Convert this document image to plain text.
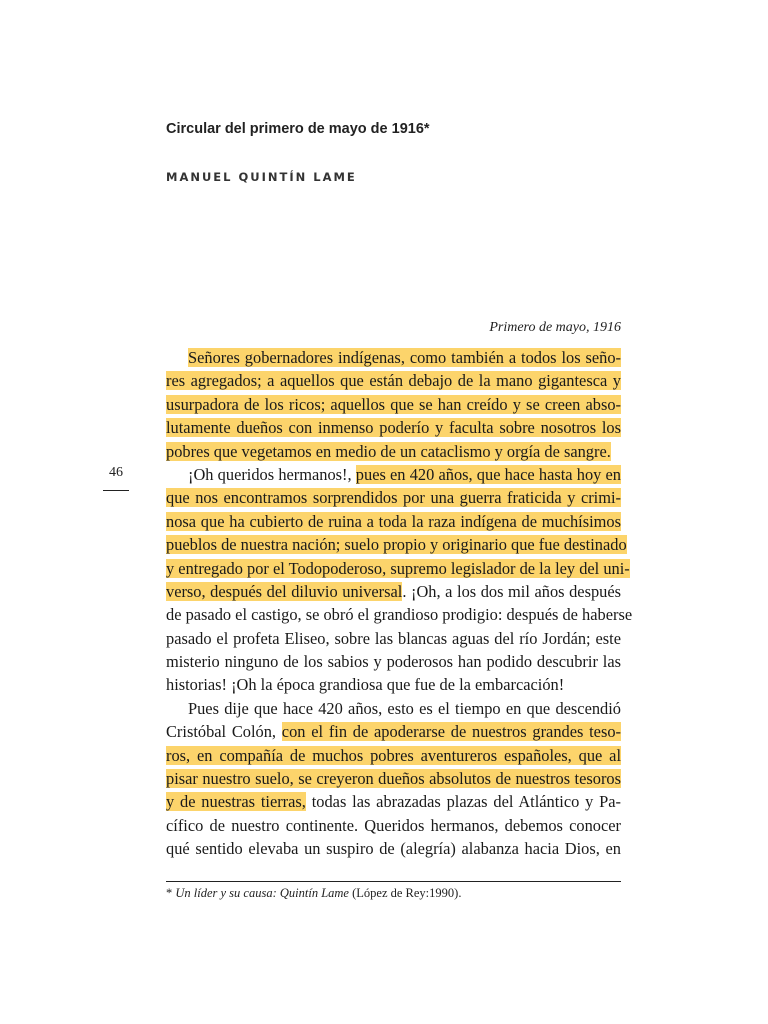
Circular del primero de mayo de 1916*
MANUEL QUINTÍN LAME
Primero de mayo, 1916
46
Señores gobernadores indígenas, como también a todos los seño-
res agregados; a aquellos que están debajo de la mano gigantesca y
usurpadora de los ricos; aquellos que se han creído y se creen abso-
lutamente dueños con inmenso poderío y faculta sobre nosotros los
pobres que vegetamos en medio de un cataclismo y orgía de sangre.
¡Oh queridos hermanos!, pues en 420 años, que hace hasta hoy en
que nos encontramos sorprendidos por una guerra fraticida y crimi-
nosa que ha cubierto de ruina a toda la raza indígena de muchísimos
pueblos de nuestra nación; suelo propio y originario que fue destinado
y entregado por el Todopoderoso, supremo legislador de la ley del uni-
verso, después del diluvio universal. ¡Oh, a los dos mil años después
de pasado el castigo, se obró el grandioso prodigio: después de haberse
pasado el profeta Eliseo, sobre las blancas aguas del río Jordán; este
misterio ninguno de los sabios y poderosos han podido descubrir las
historias! ¡Oh la época grandiosa que fue de la embarcación!
Pues dije que hace 420 años, esto es el tiempo en que descendió
Cristóbal Colón, con el fin de apoderarse de nuestros grandes teso-
ros, en compañía de muchos pobres aventureros españoles, que al
pisar nuestro suelo, se creyeron dueños absolutos de nuestros tesoros
y de nuestras tierras, todas las abrazadas plazas del Atlántico y Pa-
cífico de nuestro continente. Queridos hermanos, debemos conocer
qué sentido elevaba un suspiro de (alegría) alabanza hacia Dios, en
* Un líder y su causa: Quintín Lame (López de Rey:1990).
